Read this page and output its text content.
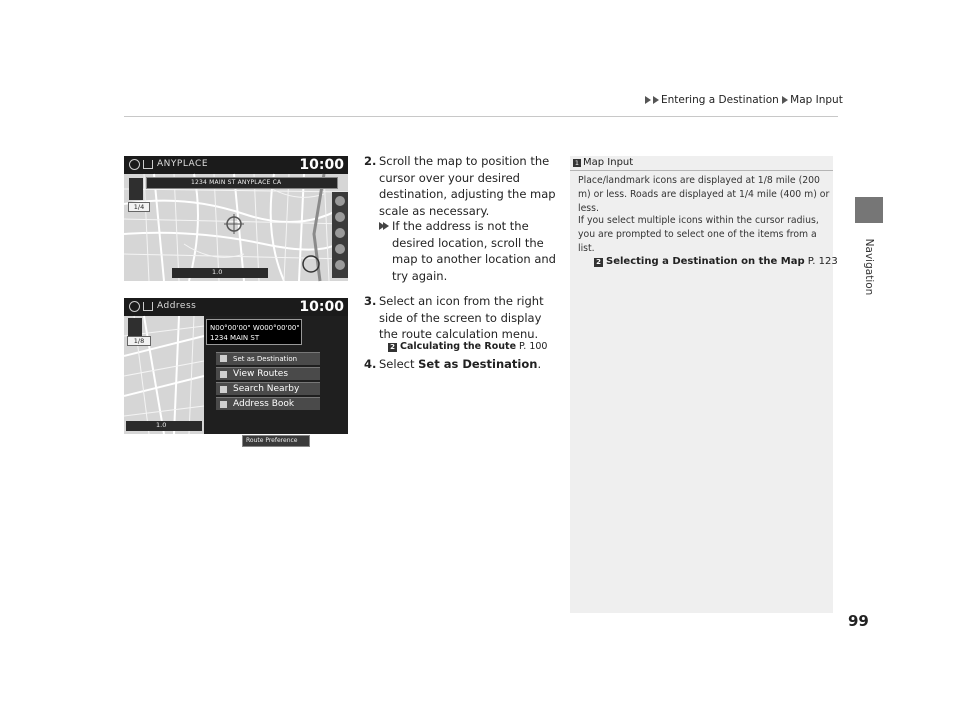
Entering a Destination Map Input
Navigation
99
ANYPLACE	10:00
1/4
1234 MAIN ST ANYPLACE CA
1.0
Address	10:00
1/8
1.0
N00°00'00" W000°00'00"
1234 MAIN ST
Set as Destination
View Routes
Search Nearby
Address Book
Route Preference
2. Scroll the map to position the cursor over your desired destination, adjusting the map scale as necessary.
If the address is not the desired location, scroll the map to another location and try again.
3. Select an icon from the right side of the screen to display the route calculation menu.
2 Calculating the Route P. 100
4. Select Set as Destination.
1 Map Input

Place/landmark icons are displayed at 1/8 mile (200 m) or less. Roads are displayed at 1/4 mile (400 m) or less.

If you select multiple icons within the cursor radius, you are prompted to select one of the items from a list.

2 Selecting a Destination on the Map P. 123
